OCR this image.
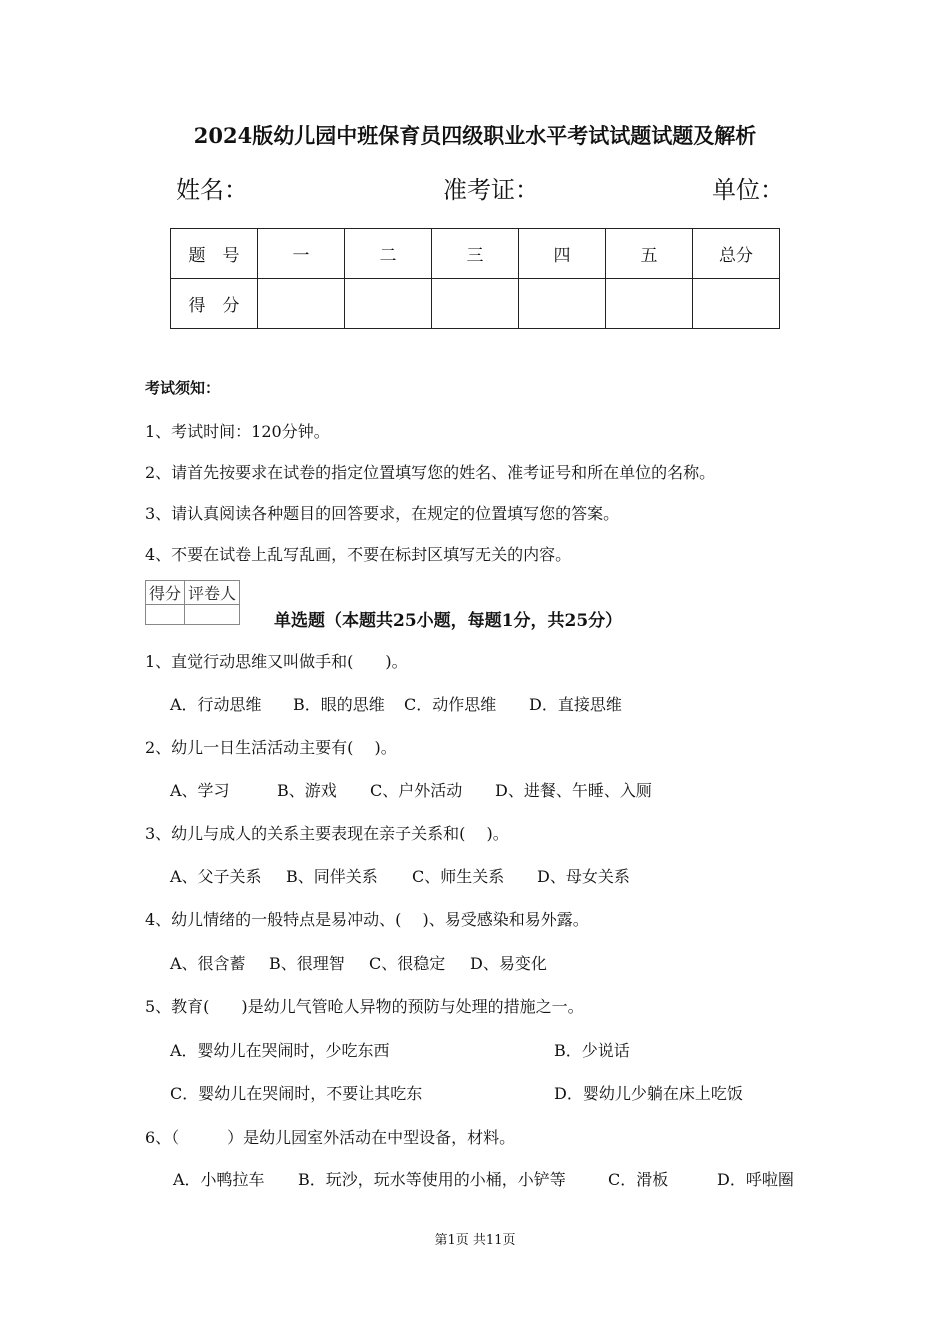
2024版幼儿园中班保育员四级职业水平考试试题试题及解析
姓名：	准考证：	单位：
题　号	一	二	三	四	五	总分
得　分						
考试须知：
1、考试时间：120分钟。
2、请首先按要求在试卷的指定位置填写您的姓名、准考证号和所在单位的名称。
3、请认真阅读各种题目的回答要求，在规定的位置填写您的答案。
4、不要在试卷上乱写乱画，不要在标封区填写无关的内容。
得分	评卷人

单选题（本题共25小题，每题1分，共25分）
1、直觉行动思维又叫做手和(　　)。
A．行动思维 B．眼的思维 C．动作思维 D．直接思维
2、幼儿一日生活活动主要有(　 )。
A、学习	B、游戏 C、户外活动 D、进餐、午睡、入厕
3、幼儿与成人的关系主要表现在亲子关系和(　 )。
A、父子关系 B、同伴关系 C、师生关系 D、母女关系
4、幼儿情绪的一般特点是易冲动、(　 )、易受感染和易外露。
A、很含蓄 B、很理智 C、很稳定 D、易变化
5、教育(　　)是幼儿气管呛人异物的预防与处理的措施之一。
A．婴幼儿在哭闹时，少吃东西	B．少说话
C．婴幼儿在哭闹时，不要让其吃东	D．婴幼儿少躺在床上吃饭
6、（　　　）是幼儿园室外活动在中型设备，材料。
A．小鸭拉车 B．玩沙，玩水等使用的小桶，小铲等	C．滑板	D．呼啦圈
第1页 共11页
